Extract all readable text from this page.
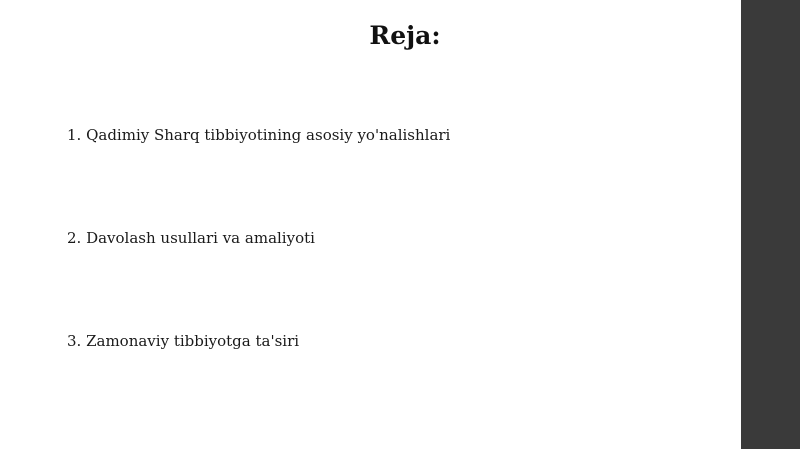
Reja:
1. Qadimiy Sharq tibbiyotining asosiy yo'nalishlari
2. Davolash usullari va amaliyoti
3. Zamonaviy tibbiyotga ta'siri
